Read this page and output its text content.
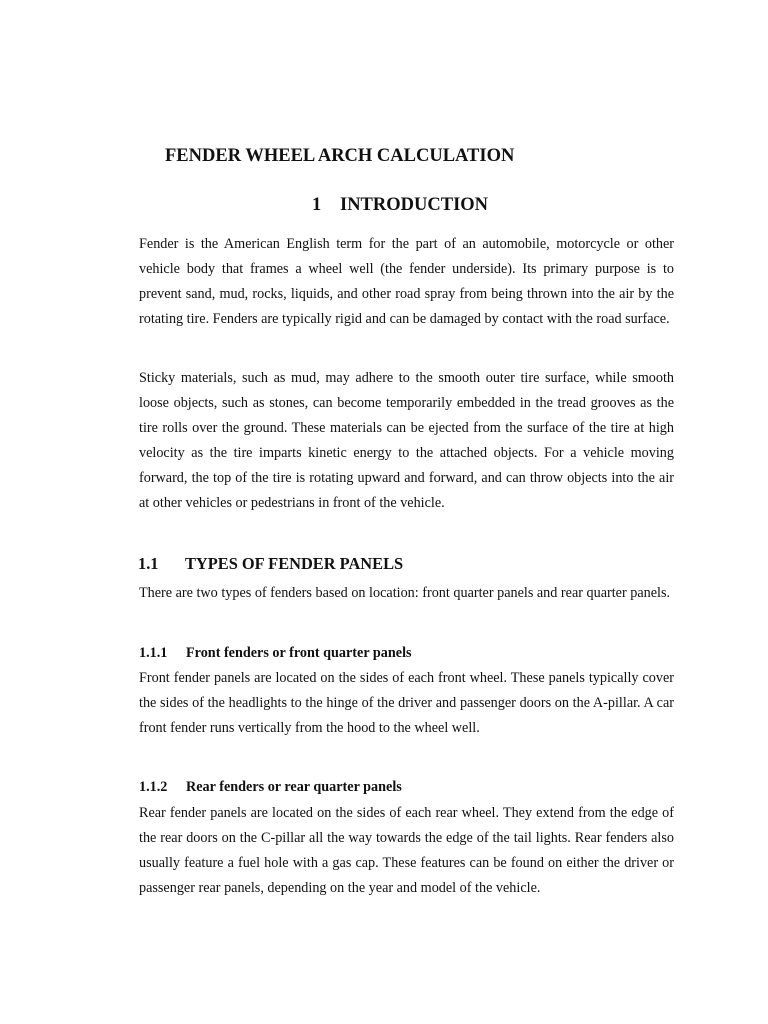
FENDER WHEEL ARCH CALCULATION
1 INTRODUCTION

Fender is the American English term for the part of an automobile, motorcycle or other vehicle body that frames a wheel well (the fender underside). Its primary purpose is to prevent sand, mud, rocks, liquids, and other road spray from being thrown into the air by the rotating tire. Fenders are typically rigid and can be damaged by contact with the road surface.

Sticky materials, such as mud, may adhere to the smooth outer tire surface, while smooth loose objects, such as stones, can become temporarily embedded in the tread grooves as the tire rolls over the ground. These materials can be ejected from the surface of the tire at high velocity as the tire imparts kinetic energy to the attached objects. For a vehicle moving forward, the top of the tire is rotating upward and forward, and can throw objects into the air at other vehicles or pedestrians in front of the vehicle.

1.1 TYPES OF FENDER PANELS

There are two types of fenders based on location: front quarter panels and rear quarter panels.

1.1.1 Front fenders or front quarter panels

Front fender panels are located on the sides of each front wheel. These panels typically cover the sides of the headlights to the hinge of the driver and passenger doors on the A-pillar. A car front fender runs vertically from the hood to the wheel well.

1.1.2 Rear fenders or rear quarter panels

Rear fender panels are located on the sides of each rear wheel. They extend from the edge of the rear doors on the C-pillar all the way towards the edge of the tail lights. Rear fenders also usually feature a fuel hole with a gas cap. These features can be found on either the driver or passenger rear panels, depending on the year and model of the vehicle.
